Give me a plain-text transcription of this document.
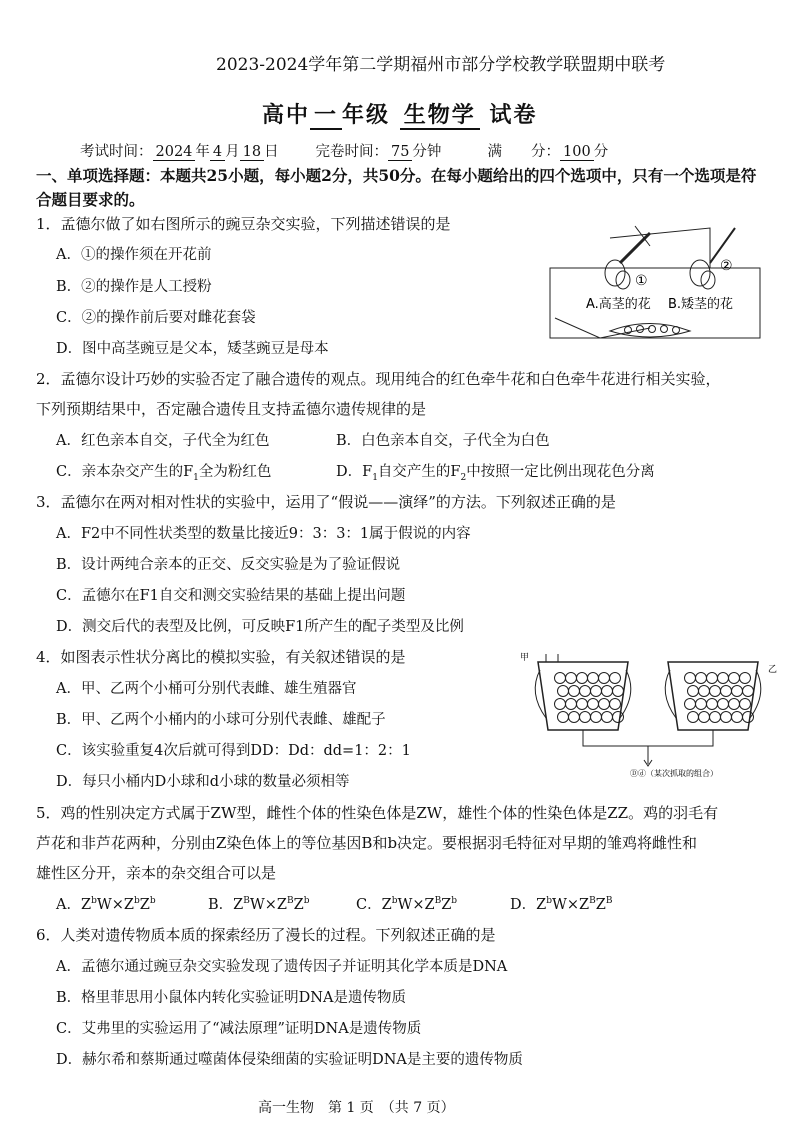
2023-2024学年第二学期福州市部分学校教学联盟期中联考
高中 一 年级 生物学 试卷
考试时间： 2024 年 4 月 18 日	完卷时间： 75 分钟	满　　分： 100 分
一、单项选择题：本题共25小题，每小题2分，共50分。在每小题给出的四个选项中，只有一个选项是符合题目要求的。
1．孟德尔做了如右图所示的豌豆杂交实验，下列描述错误的是
A．①的操作须在开花前
B．②的操作是人工授粉
C．②的操作前后要对雌花套袋
D．图中高茎豌豆是父本，矮茎豌豆是母本
①
②
A.高茎的花 B.矮茎的花
2．孟德尔设计巧妙的实验否定了融合遗传的观点。现用纯合的红色牵牛花和白色牵牛花进行相关实验，
下列预期结果中，否定融合遗传且支持孟德尔遗传规律的是
A．红色亲本自交，子代全为红色	B．白色亲本自交，子代全为白色
C．亲本杂交产生的$F_1$全为粉红色	D．$F_1$自交产生的$F_2$中按照一定比例出现花色分离
3．孟德尔在两对相对性状的实验中，运用了“假说——演绎”的方法。下列叙述正确的是
A．F2中不同性状类型的数量比接近9：3：3：1属于假说的内容
B．设计两纯合亲本的正交、反交实验是为了验证假说
C．孟德尔在F1自交和测交实验结果的基础上提出问题
D．测交后代的表型及比例，可反映F1所产生的配子类型及比例
4．如图表示性状分离比的模拟实验，有关叙述错误的是
A．甲、乙两个小桶可分别代表雌、雄生殖器官
B．甲、乙两个小桶内的小球可分别代表雌、雄配子
C．该实验重复4次后就可得到DD：Dd：dd=1：2：1
D．每只小桶内D小球和d小球的数量必须相等
甲
乙
Ⓓⓓ（某次抓取的组合）
5．鸡的性别决定方式属于ZW型，雌性个体的性染色体是ZW，雄性个体的性染色体是ZZ。鸡的羽毛有
芦花和非芦花两种，分别由Z染色体上的等位基因B和b决定。要根据羽毛特征对早期的雏鸡将雌性和
雄性区分开，亲本的杂交组合可以是
A．$Z^bW\times Z^bZ^b$	B．$Z^BW\times Z^BZ^b$	C．$Z^bW\times Z^BZ^b$	D．$Z^bW\times Z^BZ^B$
6．人类对遗传物质本质的探索经历了漫长的过程。下列叙述正确的是
A．孟德尔通过豌豆杂交实验发现了遗传因子并证明其化学本质是DNA
B．格里菲思用小鼠体内转化实验证明DNA是遗传物质
C．艾弗里的实验运用了“减法原理”证明DNA是遗传物质
D．赫尔希和蔡斯通过噬菌体侵染细菌的实验证明DNA是主要的遗传物质
高一生物　第 1 页　（共 7 页）
